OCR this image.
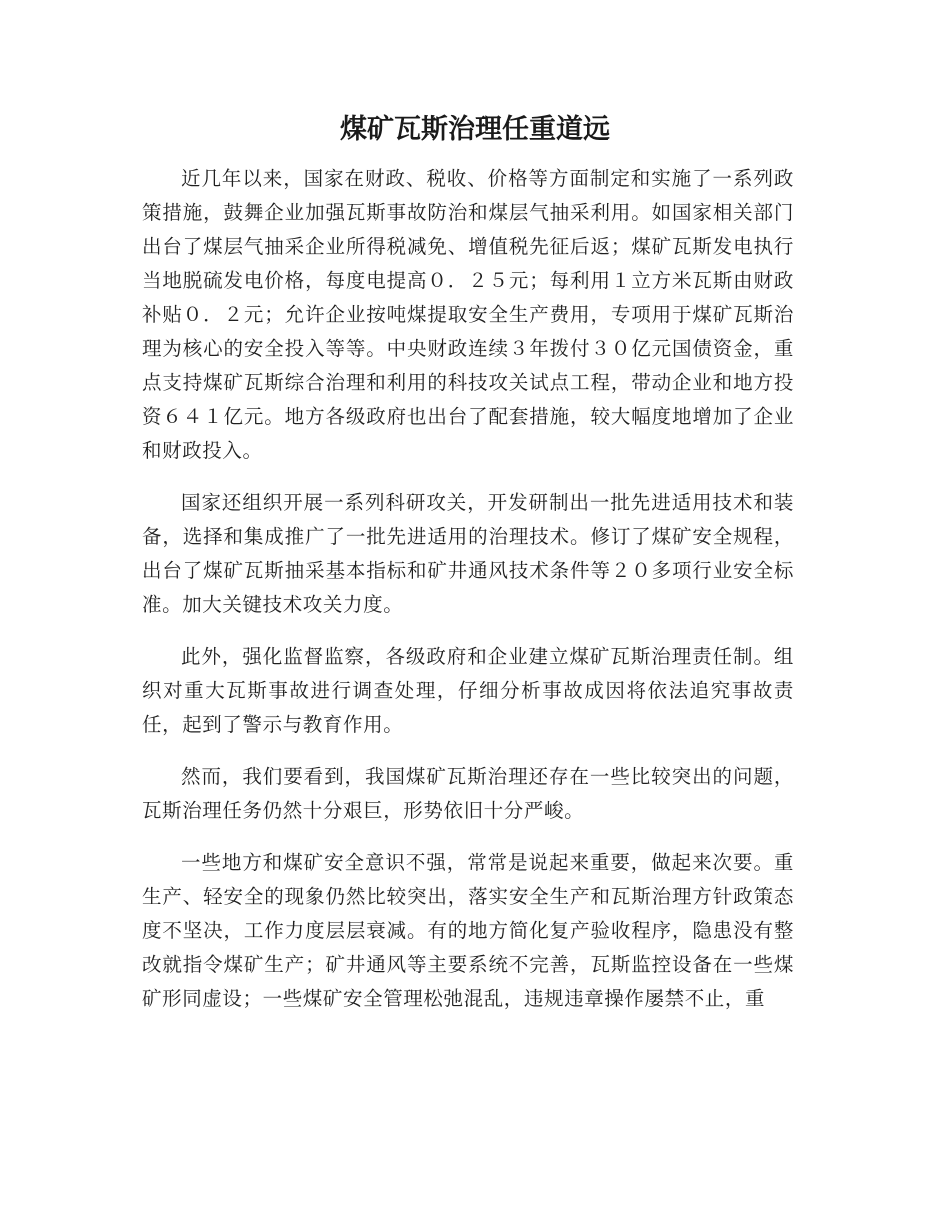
煤矿瓦斯治理任重道远

近几年以来，国家在财政、税收、价格等方面制定和实施了一系列政策措施，鼓舞企业加强瓦斯事故防治和煤层气抽采利用。如国家相关部门出台了煤层气抽采企业所得税减免、增值税先征后返；煤矿瓦斯发电执行当地脱硫发电价格，每度电提高０．２５元；每利用１立方米瓦斯由财政补贴０．２元；允许企业按吨煤提取安全生产费用，专项用于煤矿瓦斯治理为核心的安全投入等等。中央财政连续３年拨付３０亿元国债资金，重点支持煤矿瓦斯综合治理和利用的科技攻关试点工程，带动企业和地方投资６４１亿元。地方各级政府也出台了配套措施，较大幅度地增加了企业和财政投入。

国家还组织开展一系列科研攻关，开发研制出一批先进适用技术和装备，选择和集成推广了一批先进适用的治理技术。修订了煤矿安全规程，出台了煤矿瓦斯抽采基本指标和矿井通风技术条件等２０多项行业安全标准。加大关键技术攻关力度。

此外，强化监督监察，各级政府和企业建立煤矿瓦斯治理责任制。组织对重大瓦斯事故进行调查处理，仔细分析事故成因将依法追究事故责任，起到了警示与教育作用。

然而，我们要看到，我国煤矿瓦斯治理还存在一些比较突出的问题，瓦斯治理任务仍然十分艰巨，形势依旧十分严峻。

一些地方和煤矿安全意识不强，常常是说起来重要，做起来次要。重生产、轻安全的现象仍然比较突出，落实安全生产和瓦斯治理方针政策态度不坚决，工作力度层层衰减。有的地方简化复产验收程序，隐患没有整改就指令煤矿生产；矿井通风等主要系统不完善，瓦斯监控设备在一些煤矿形同虚设；一些煤矿安全管理松弛混乱，违规违章操作屡禁不止，重
